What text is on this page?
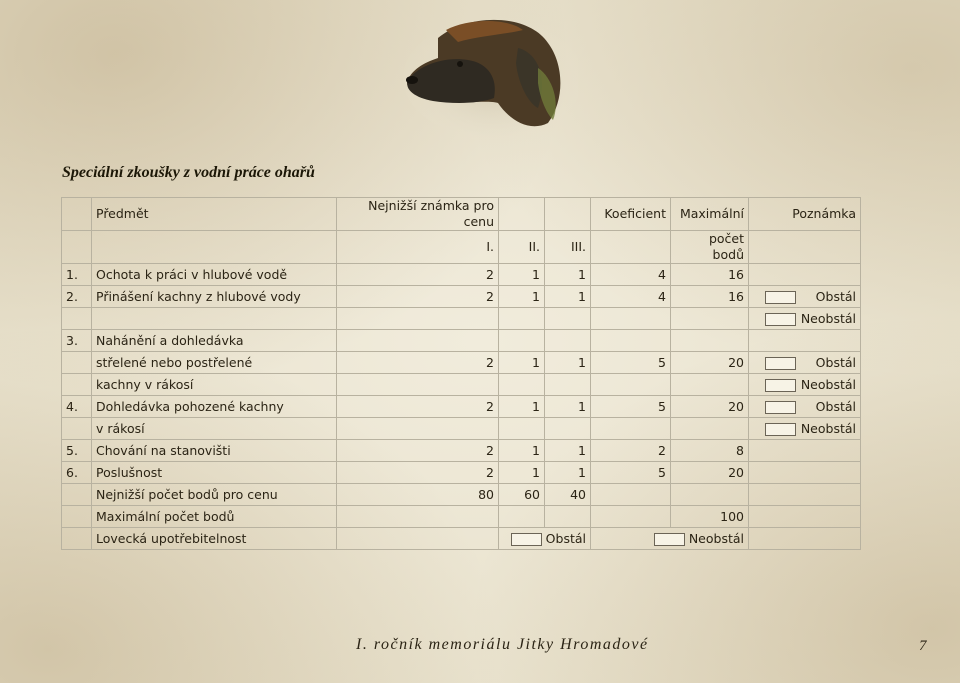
Speciální zkoušky z vodní práce ohařů
	Předmět	Nejnižší známka pro cenu			Koeficient	Maximální	Poznámka
		I.	II.	III.		počet bodů	
1.	Ochota k práci v hlubové vodě	2	1	1	4	16	
2.	Přinášení kachny z hlubové vody	2	1	1	4	16	Obstál
							Neobstál
3.	Nahánění a dohledávka						
	střelené nebo postřelené	2	1	1	5	20	Obstál
	kachny v rákosí						Neobstál
4.	Dohledávka pohozené kachny	2	1	1	5	20	Obstál
	v rákosí						Neobstál
5.	Chování na stanovišti	2	1	1	2	8	
6.	Poslušnost	2	1	1	5	20	
	Nejnižší počet bodů pro cenu	80	60	40			
	Maximální počet bodů					100	
	Lovecká upotřebitelnost		Obstál		Neobstál		
I. ročník memoriálu Jitky Hromadové	7
